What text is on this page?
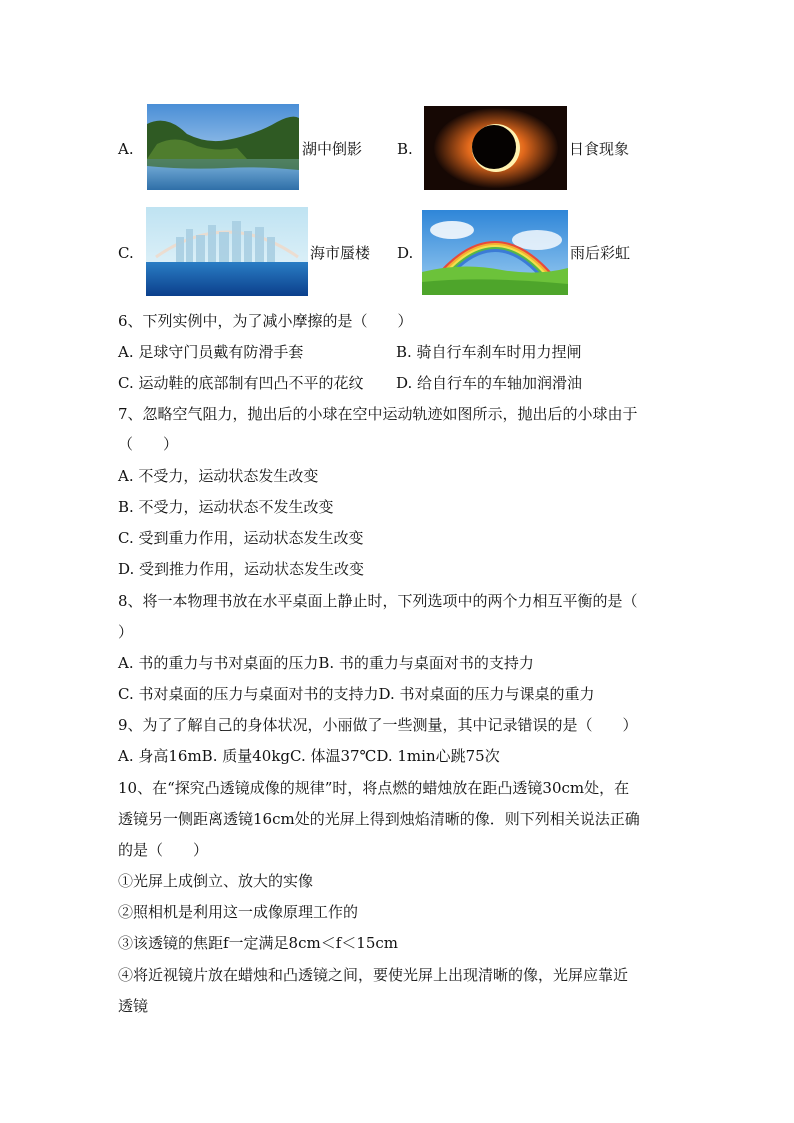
A.	湖中倒影 B.	日食现象
C.	海市蜃楼 D.	雨后彩虹
6、下列实例中，为了减小摩擦的是（　　）
A. 足球守门员戴有防滑手套	B. 骑自行车刹车时用力捏闸
C. 运动鞋的底部制有凹凸不平的花纹 D. 给自行车的车轴加润滑油
7、忽略空气阻力，抛出后的小球在空中运动轨迹如图所示，抛出后的小球由于
（　　）
A. 不受力，运动状态发生改变
B. 不受力，运动状态不发生改变
C. 受到重力作用，运动状态发生改变
D. 受到推力作用，运动状态发生改变
8、将一本物理书放在水平桌面上静止时，下列选项中的两个力相互平衡的是（
）
A. 书的重力与书对桌面的压力B. 书的重力与桌面对书的支持力
C. 书对桌面的压力与桌面对书的支持力D. 书对桌面的压力与课桌的重力
9、为了了解自己的身体状况，小丽做了一些测量，其中记录错误的是（　　）
A. 身高16mB. 质量40kgC. 体温37℃D. 1min心跳75次
10、在“探究凸透镜成像的规律”时，将点燃的蜡烛放在距凸透镜30cm处，在
透镜另一侧距离透镜16cm处的光屏上得到烛焰清晰的像．则下列相关说法正确
的是（　　）
①光屏上成倒立、放大的实像
②照相机是利用这一成像原理工作的
③该透镜的焦距f一定满足8cm＜f＜15cm
④将近视镜片放在蜡烛和凸透镜之间，要使光屏上出现清晰的像，光屏应靠近
透镜
